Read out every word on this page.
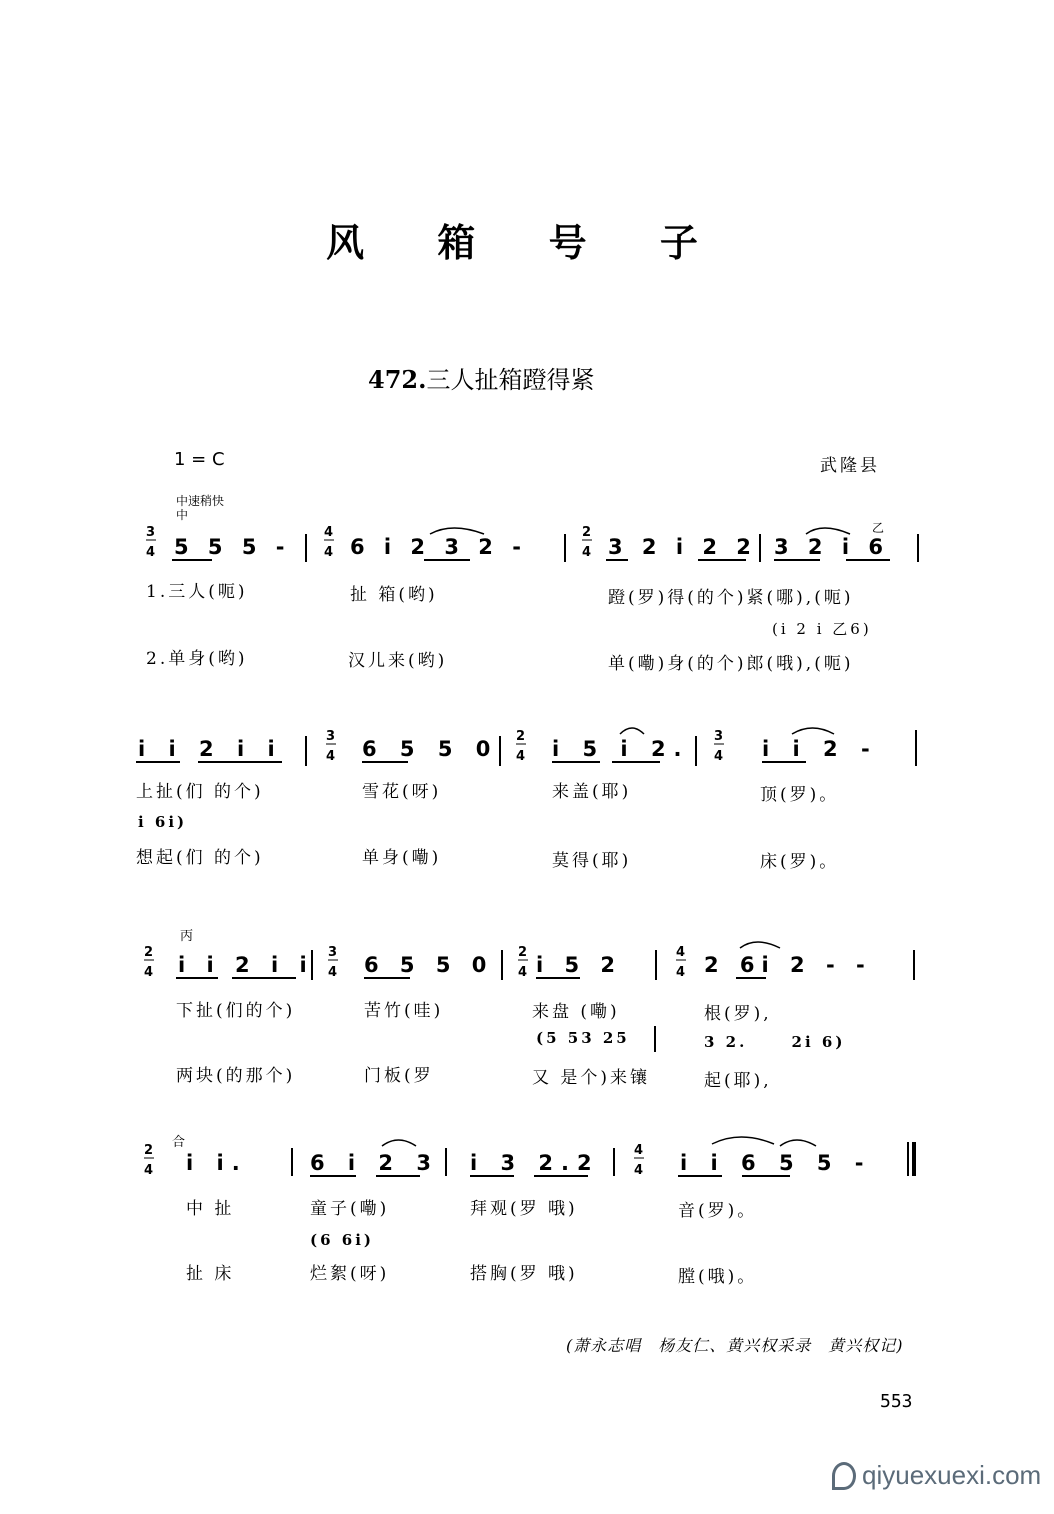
风 箱 号 子
472.三人扯箱蹬得紧
1 = C	武隆县
中速稍快
中
3
4
4
4
2
4
5 5 5 -	6 i 2 3 2 -	3 2 i 2 2 3 2 i 6
乙
1.三人(呃)	扯 箱(哟)	蹬(罗)得(的个)紧(哪),(呃)
(i 2 i 乙6)
2.单身(哟)	汉儿来(哟)	单(嘞)身(的个)郎(哦),(呃)
3
4
2
4
3
4
i i 2 i i	6 5 5 0	i 5 i 2.	i i 2 -
上扯(们 的个)	雪花(呀)	来盖(耶)	顶(罗)。
i 6i)
想起(们 的个)	单身(嘞)	莫得(耶)	床(罗)。
丙
2
4
3
4
2
4
4
4
i i 2 i i 6 5 5 0 i 5 2	2 6i 2 - -
下扯(们的个)	苦竹(哇)	来盘 (嘞)	根(罗),
(5 53 25	3 2.　　 2i 6)
两块(的那个)	门板(罗	又 是个)来镶	起(耶),
合
2
4
4
4
i i.	6 i 2 3 i 3 2.2	i i 6 5 5 -
中 扯	童子(嘞)	拜观(罗 哦)	音(罗)。
(6 6i)
扯 床	烂絮(呀)	搭胸(罗 哦)	膛(哦)。
(萧永志唱　杨友仁、黄兴权采录　黄兴权记)
553
qiyuexuexi.com
